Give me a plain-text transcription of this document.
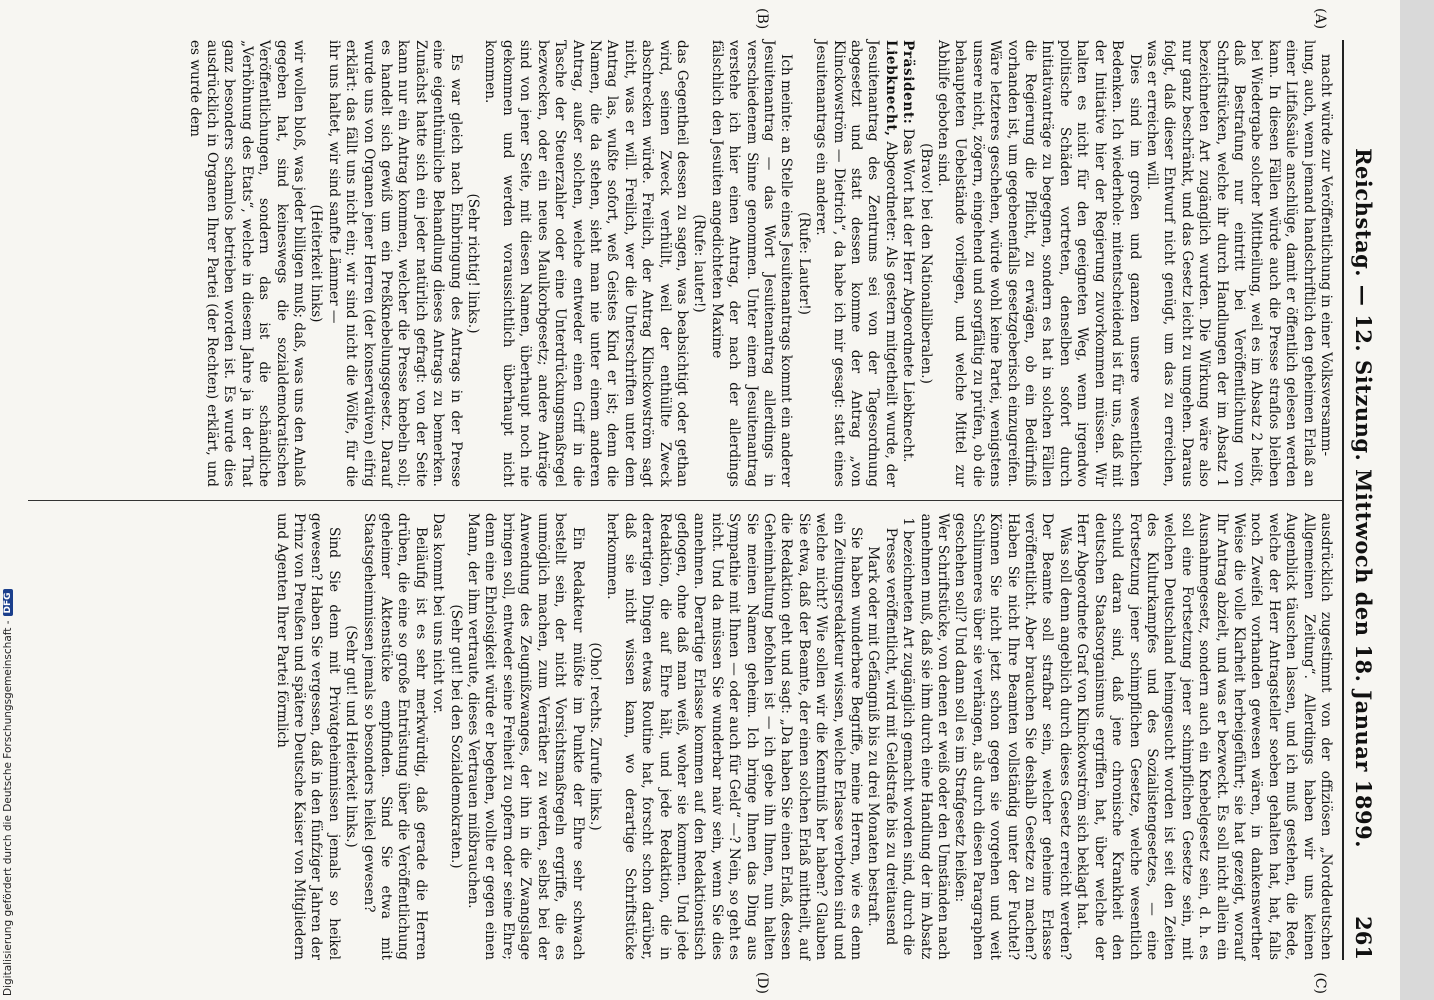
Reichstag. — 12. Sitzung. Mittwoch den 18. Januar 1899.
261
(A)
(B)
(C)
(D)

macht würde zur Veröffentlichung in einer Volksversamm-

lung, auch, wenn jemand handschriftlich den geheimen Erlaß an einer Litfaßsäule anschlüge, damit er öffentlich gelesen werden kann. In diesen Fällen würde auch die Presse straflos bleiben bei Wiedergabe solcher Mittheilung, weil es im Absatz 2 heißt, daß Bestrafung nur eintritt bei Veröffentlichung von Schriftstücken, welche ihr durch Handlungen der im Absatz 1 bezeichneten Art zugänglich wurden. Die Wirkung wäre also nur ganz beschränkt, und das Gesetz leicht zu umgehen. Daraus folgt, daß dieser Entwurf nicht genügt, um das zu erreichen, was er erreichen will.

Dies sind im großen und ganzen unsere wesentlichen Bedenken. Ich wiederhole: mitentscheidend ist für uns, daß mit der Initiative hier der Regierung zuvorkommen müssen. Wir halten es nicht für den geeigneten Weg, wenn irgendwo politische Schäden vortreten, denselben sofort durch Initiativanträge zu begegnen, sondern es hat in solchen Fällen die Regierung die Pflicht, zu erwägen, ob ein Bedürfniß vorhanden ist, um gegebenenfalls gesetzgeberisch einzugreifen. Wäre letzteres geschehen, würde wohl keine Partei, wenigstens unsere nicht, zögern, eingehend und sorgfältig zu prüfen, ob die behaupteten Uebelstände vorliegen, und welche Mittel zur Abhilfe geboten sind.

(Bravo! bei den Nationalliberalen.)

Präsident: Das Wort hat der Herr Abgeordnete Liebknecht.

Liebknecht, Abgeordneter: Als gestern mitgetheilt wurde, der Jesuitenantrag des Zentrums sei von der Tagesordnung abgesetzt und statt dessen komme der Antrag „von Klinckowström — Dietrich“, da habe ich mir gesagt: statt eines Jesuitenantrags ein anderer.

(Rufe: Lauter!)

Ich meinte: an Stelle eines Jesuitenantrags kommt ein anderer Jesuitenantrag — das Wort Jesuitenantrag allerdings in verschiedenem Sinne genommen. Unter einem Jesuitenantrag verstehe ich hier einen Antrag, der nach der allerdings fälschlich den Jesuiten angedichteten Maxime

(Rufe: lauter!)

das Gegentheil dessen zu sagen, was beabsichtigt oder gethan wird, seinen Zweck verhüllt, weil der enthüllte Zweck abschrecken würde. Freilich, der Antrag Klinckowström sagt nicht, was er will. Freilich, wer die Unterschriften unter dem Antrag las, wußte sofort, weß Geistes Kind er ist; denn die Namen, die da stehen, sieht man nie unter einem anderen Antrag, außer solchen, welche entweder einen Griff in die Tasche der Steuerzahler oder eine Unterdrückungsmaßregel bezwecken, oder ein neues Maulkorbgesetz; andere Anträge sind von jener Seite, mit diesen Namen, überhaupt noch nie gekommen und werden voraussichtlich überhaupt nicht kommen.

(Sehr richtig! links.)

Es war gleich nach Einbringung des Antrags in der Presse eine eigenthümliche Behandlung dieses Antrags zu bemerken. Zunächst hatte sich ein jeder natürlich gefragt: von der Seite kann nur ein Antrag kommen, welcher die Presse knebeln soll; es handelt sich gewiß um ein Preßknebelungsgesetz. Darauf wurde uns von Organen jener Herren (der konservativen) eifrig erklärt: das fällt uns nicht ein; wir sind nicht die Wölfe, für die ihr uns haltet, wir sind sanfte Lämmer —

(Heiterkeit links)

wir wollen bloß, was jeder billigen muß; daß, was uns den Anlaß gegeben hat, sind keineswegs die sozialdemokratischen Veröffentlichungen, sondern das ist die schändliche „Verhöhnung des Etats“, welche in diesem Jahre ja in der That ganz besonders schamlos betrieben worden ist. Es wurde dies ausdrücklich in Organen Ihrer Partei (der Rechten) erklärt, und es wurde dem

ausdrücklich zugestimmt von der offiziösen „Norddeutschen Allgemeinen Zeitung“. Allerdings haben wir uns keinen Augenblick täuschen lassen, und ich muß gestehen, die Rede, welche der Herr Antragsteller soeben gehalten hat, hat, falls noch Zweifel vorhanden gewesen wären, in dankenswerther Weise die volle Klarheit herbeigeführt; sie hat gezeigt, worauf Ihr Antrag abzielt, und was er bezweckt. Es soll nicht allein ein Ausnahmegesetz, sondern auch ein Knebelgesetz sein, d. h. es soll eine Fortsetzung jener schimpflichen Gesetze sein, mit welchen Deutschland heimgesucht worden ist seit den Zeiten des Kulturkampfes und des Sozialistengesetzes, — eine Fortsetzung jener schimpflichen Gesetze, welche wesentlich schuld daran sind, daß jene chronische Krankheit den deutschen Staatsorganismus ergriffen hat, über welche der Herr Abgeordnete Graf von Klinckowström sich beklagt hat.

Was soll denn angeblich durch dieses Gesetz erreicht werden? Der Beamte soll strafbar sein, welcher geheime Erlasse veröffentlicht. Aber brauchen Sie deshalb Gesetze zu machen? Haben Sie nicht Ihre Beamten vollständig unter der Fuchtel? Können Sie nicht jetzt schon gegen sie vorgehen und weit Schlimmeres über sie verhängen, als durch diesen Paragraphen geschehen soll? Und dann soll es im Strafgesetz heißen:

Wer Schriftstücke, von denen er weiß oder den Umständen nach annehmen muß, daß sie ihm durch eine Handlung der im Absatz 1 bezeichneten Art zugänglich gemacht worden sind, durch die Presse veröffentlicht, wird mit Geldstrafe bis zu dreitausend Mark oder mit Gefängniß bis zu drei Monaten bestraft.

Sie haben wunderbare Begriffe, meine Herren, wie es denn ein Zeitungsredakteur wissen, welche Erlasse verboten sind und welche nicht? Wie sollen wir die Kenntniß her haben? Glauben Sie etwa, daß der Beamte, der einen solchen Erlaß mittheilt, auf die Redaktion geht und sagt: „Da haben Sie einen Erlaß, dessen Geheimhaltung befohlen ist — ich gebe ihn Ihnen, nun halten Sie meinen Namen geheim. Ich bringe Ihnen das Ding aus Sympathie mit Ihnen — oder auch für Geld“ —? Nein, so geht es nicht. Und da müssen Sie wunderbar naiv sein, wenn Sie dies annehmen. Derartige Erlasse kommen auf den Redaktionstisch geflogen, ohne daß man weiß, woher sie kommen. Und jede Redaktion, die auf Ehre hält, und jede Redaktion, die in derartigen Dingen etwas Routine hat, forscht schon darüber, daß sie nicht wissen kann, wo derartige Schriftstücke herkommen.

(Oho! rechts. Zurufe links.)

Ein Redakteur müßte im Punkte der Ehre sehr schwach bestellt sein, der nicht Vorsichtsmaßregeln ergriffe, die es unmöglich machen, zum Verräther zu werden, selbst bei der Anwendung des Zeugnißzwanges, der ihn in die Zwangslage bringen soll, entweder seine Freiheit zu opfern oder seine Ehre; denn eine Ehrlosigkeit würde er begehen, wollte er gegen einen Mann, der ihm vertraute, dieses Vertrauen mißbrauchen.

(Sehr gut! bei den Sozialdemokraten.)

Das kommt bei uns nicht vor.

Beiläufig ist es sehr merkwürdig, daß gerade die Herren drüben, die eine so große Entrüstung über die Veröffentlichung geheimer Aktenstücke empfinden. Sind Sie etwa mit Staatsgeheimnissen jemals so besonders heikel gewesen?

(Sehr gut! und Heiterkeit links.)

Sind Sie denn mit Privatgeheimnissen jemals so heikel gewesen? Haben Sie vergessen, daß in den fünfziger Jahren der Prinz von Preußen und spätere Deutsche Kaiser von Mitgliedern und Agenten Ihrer Partei förmlich

Digitalisierung gefördert durch die Deutsche Forschungsgemeinschaft -
DFG
